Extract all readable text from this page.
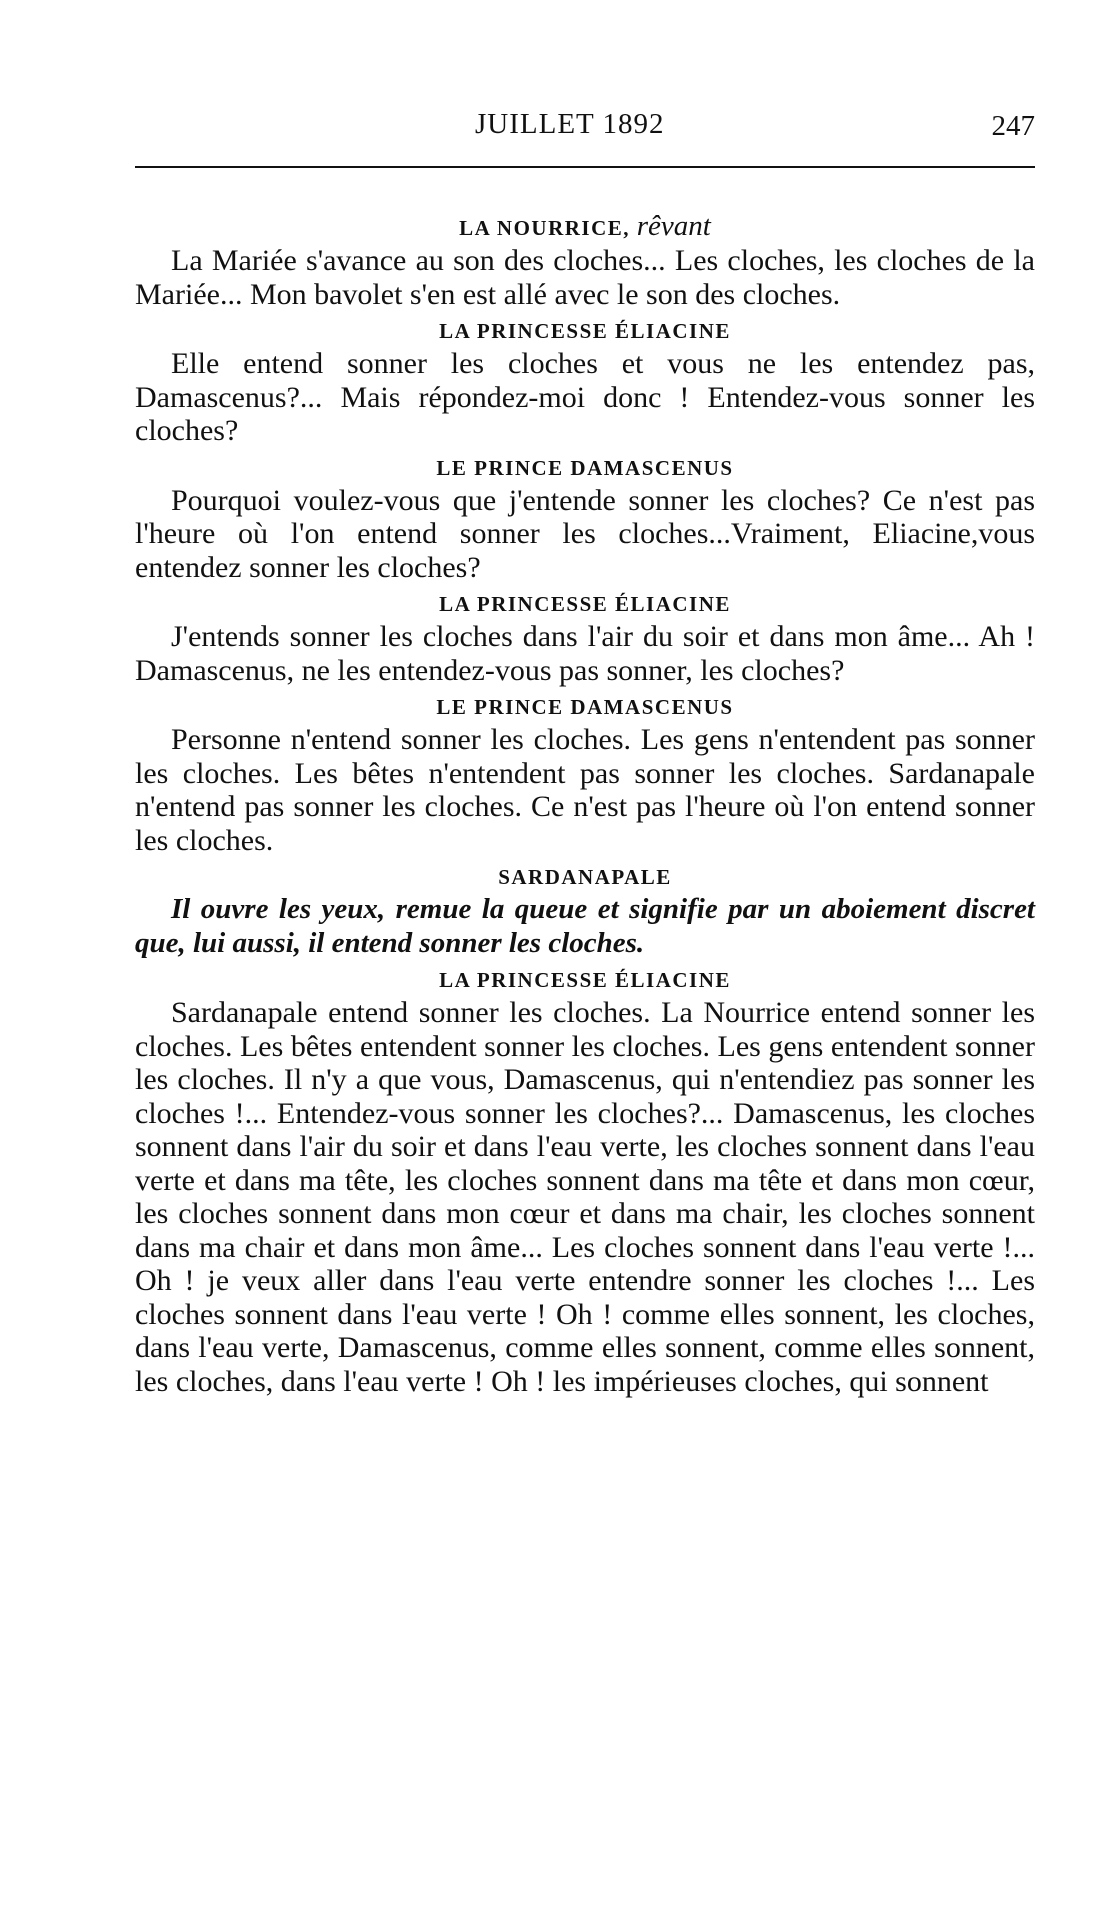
JUILLET 1892	247
LA NOURRICE, rêvant

La Mariée s'avance au son des cloches... Les cloches, les cloches de la Mariée... Mon bavolet s'en est allé avec le son des cloches.

LA PRINCESSE ÉLIACINE

Elle entend sonner les cloches et vous ne les entendez pas, Damascenus?... Mais répondez-moi donc ! Entendez-vous sonner les cloches?

LE PRINCE DAMASCENUS

Pourquoi voulez-vous que j'entende sonner les cloches? Ce n'est pas l'heure où l'on entend sonner les cloches...Vraiment, Eliacine,vous entendez sonner les cloches?

LA PRINCESSE ÉLIACINE

J'entends sonner les cloches dans l'air du soir et dans mon âme... Ah ! Damascenus, ne les entendez-vous pas sonner, les cloches?

LE PRINCE DAMASCENUS

Personne n'entend sonner les cloches. Les gens n'entendent pas sonner les cloches. Les bêtes n'entendent pas sonner les cloches. Sardanapale n'entend pas sonner les cloches. Ce n'est pas l'heure où l'on entend sonner les cloches.

SARDANAPALE

Il ouvre les yeux, remue la queue et signifie par un aboiement discret que, lui aussi, il entend sonner les cloches.

LA PRINCESSE ÉLIACINE

Sardanapale entend sonner les cloches. La Nourrice entend sonner les cloches. Les bêtes entendent sonner les cloches. Les gens entendent sonner les cloches. Il n'y a que vous, Damascenus, qui n'entendiez pas sonner les cloches !... Entendez-vous sonner les cloches?... Damascenus, les cloches sonnent dans l'air du soir et dans l'eau verte, les cloches sonnent dans l'eau verte et dans ma tête, les cloches sonnent dans ma tête et dans mon cœur, les cloches sonnent dans mon cœur et dans ma chair, les cloches sonnent dans ma chair et dans mon âme... Les cloches sonnent dans l'eau verte !... Oh ! je veux aller dans l'eau verte entendre sonner les cloches !... Les cloches sonnent dans l'eau verte ! Oh ! comme elles sonnent, les cloches, dans l'eau verte, Damascenus, comme elles sonnent, comme elles sonnent, les cloches, dans l'eau verte ! Oh ! les impérieuses cloches, qui sonnent
